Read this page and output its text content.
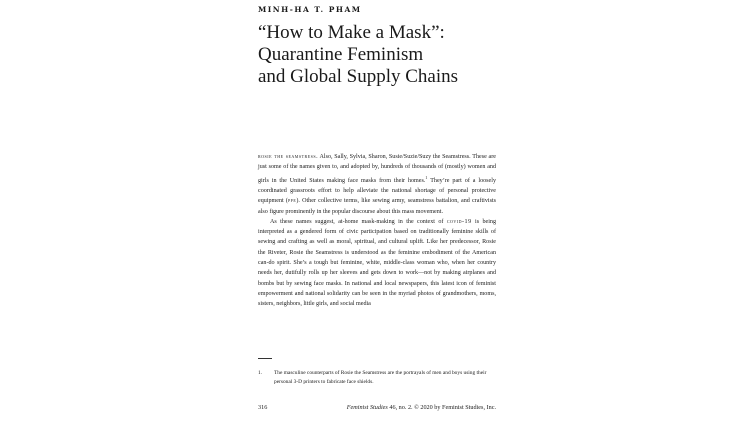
MINH-HA T. PHAM
“How to Make a Mask”:
Quarantine Feminism
and Global Supply Chains

rosie the seamstress. Also, Sally, Sylvia, Sharon, Susie/Suzie/Suzy the Seamstress. These are just some of the names given to, and adopted by, hundreds of thousands of (mostly) women and girls in the United States making face masks from their homes.$^1$ They’re part of a loosely coordinated grassroots effort to help alleviate the national shortage of personal protective equipment (ppe). Other collective terms, like sewing army, seamstress battalion, and craftivists also figure prominently in the popular discourse about this mass movement.

As these names suggest, at-home mask-making in the context of covid-19 is being interpreted as a gendered form of civic participation based on traditionally feminine skills of sewing and crafting as well as moral, spiritual, and cultural uplift. Like her predecessor, Rosie the Riveter, Rosie the Seamstress is understood as the feminine embodiment of the American can-do spirit. She’s a tough but feminine, white, middle-class woman who, when her country needs her, dutifully rolls up her sleeves and gets down to work—not by making airplanes and bombs but by sewing face masks. In national and local newspapers, this latest icon of feminist empowerment and national solidarity can be seen in the myriad photos of grandmothers, moms, sisters, neighbors, little girls, and social media

1. The masculine counterparts of Rosie the Seamstress are the portrayals of men and boys using their personal 3-D printers to fabricate face shields.
316	Feminist Studies 46, no. 2. © 2020 by Feminist Studies, Inc.
